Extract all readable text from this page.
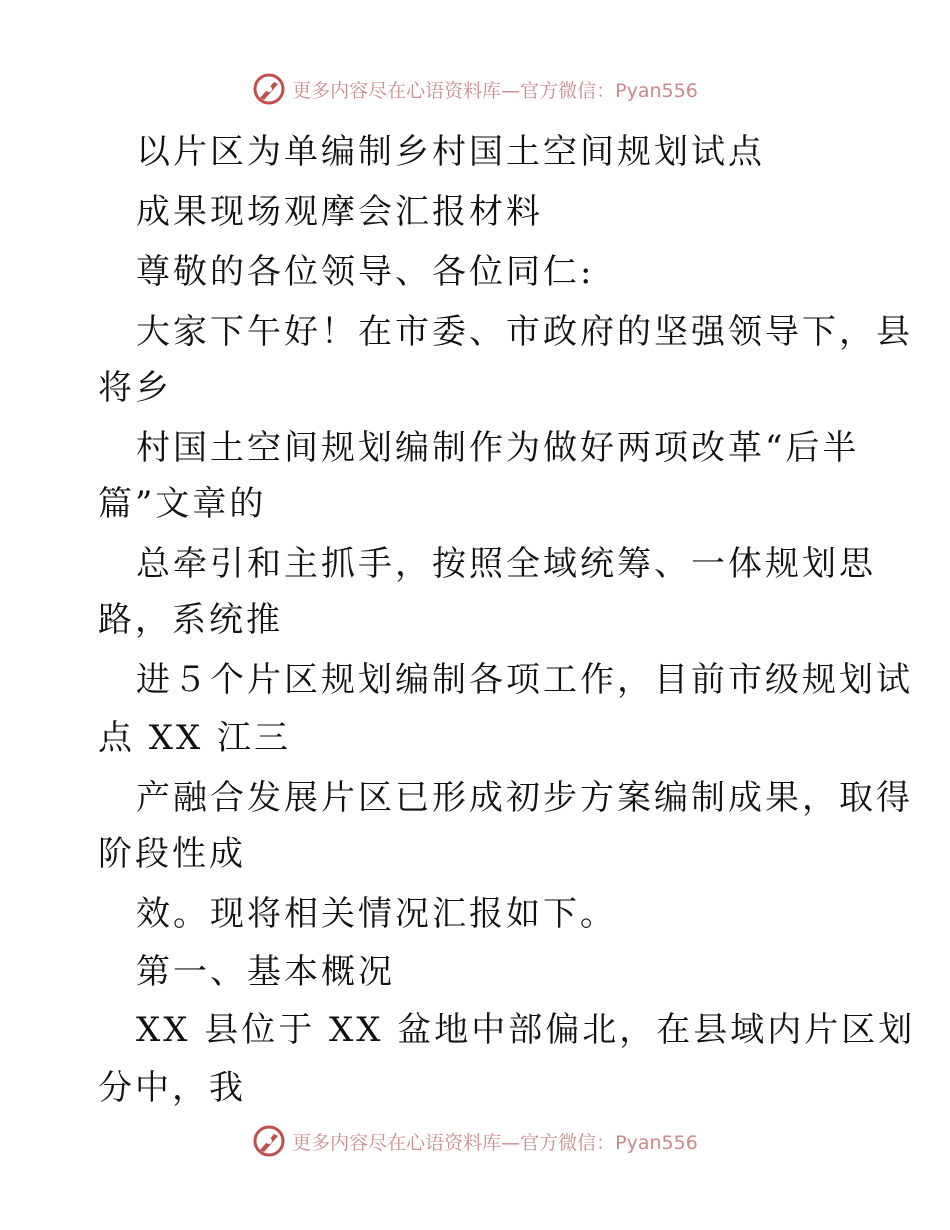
更多内容尽在心语资料库—官方微信：Pyan556
以片区为单编制乡村国土空间规划试点
成果现场观摩会汇报材料
尊敬的各位领导、各位同仁:
大家下午好！在市委、市政府的坚强领导下，县
将乡
村国土空间规划编制作为做好两项改革“后半
篇”文章的
总牵引和主抓手，按照全域统筹、一体规划思
路，系统推
进５个片区规划编制各项工作，目前市级规划试
点 XX 江三
产融合发展片区已形成初步方案编制成果，取得
阶段性成
效。现将相关情况汇报如下。
第一、基本概况
XX 县位于 XX 盆地中部偏北，在县域内片区划
分中，我
更多内容尽在心语资料库—官方微信：Pyan556
